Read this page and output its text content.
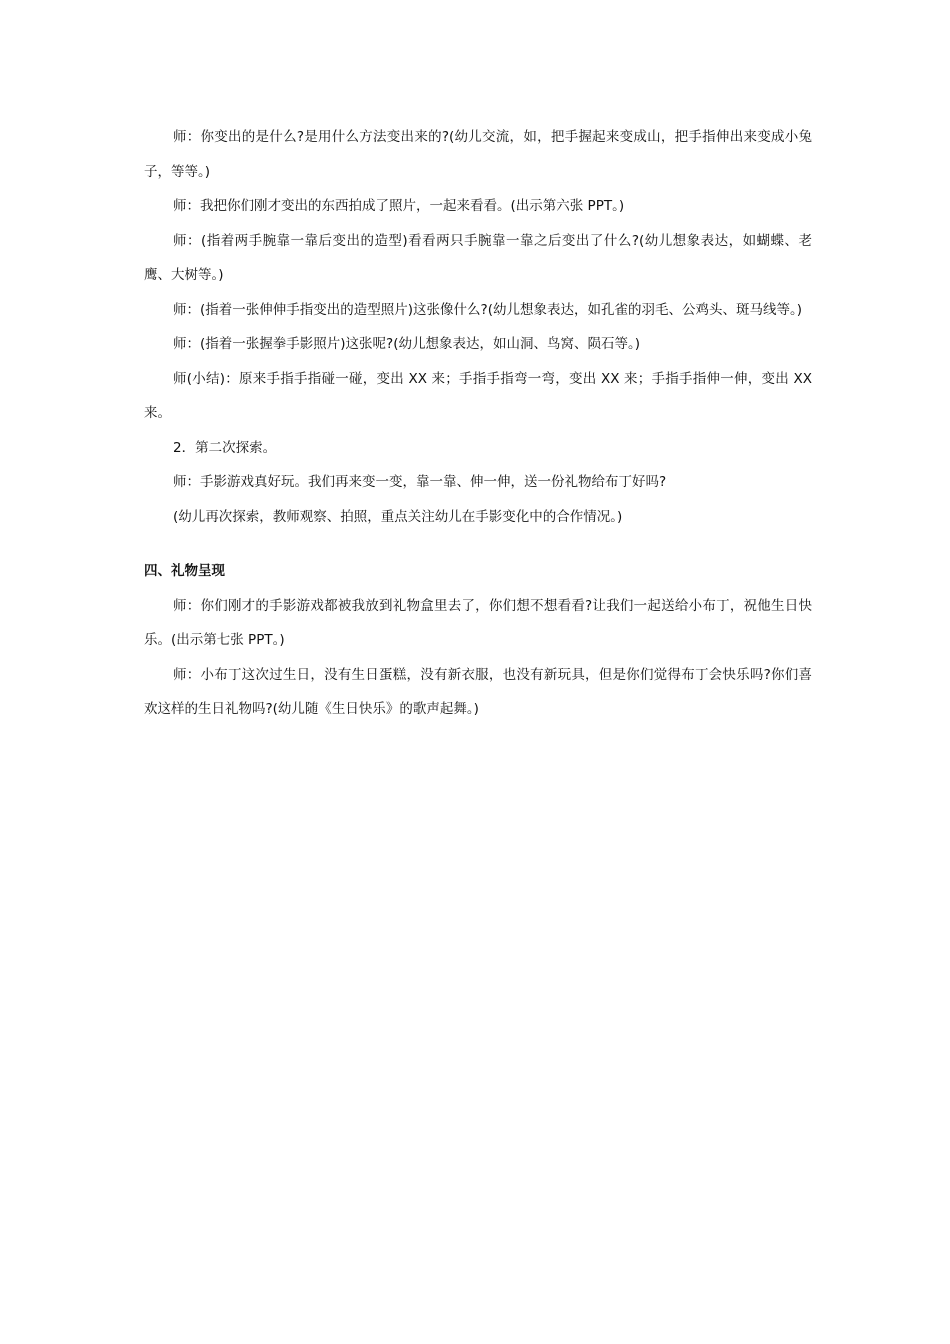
师：你变出的是什么?是用什么方法变出来的?(幼儿交流，如，把手握起来变成山，把手指伸出来变成小兔子，等等。)

师：我把你们刚才变出的东西拍成了照片，一起来看看。(出示第六张 PPT。)

师：(指着两手腕靠一靠后变出的造型)看看两只手腕靠一靠之后变出了什么?(幼儿想象表达，如蝴蝶、老鹰、大树等。)

师：(指着一张伸伸手指变出的造型照片)这张像什么?(幼儿想象表达，如孔雀的羽毛、公鸡头、斑马线等。)

师：(指着一张握拳手影照片)这张呢?(幼儿想象表达，如山洞、鸟窝、陨石等。)

师(小结)：原来手指手指碰一碰，变出 XX 来；手指手指弯一弯，变出 XX 来；手指手指伸一伸，变出 XX 来。

2．第二次探索。

师：手影游戏真好玩。我们再来变一变，靠一靠、伸一伸，送一份礼物给布丁好吗?

(幼儿再次探索，教师观察、拍照，重点关注幼儿在手影变化中的合作情况。)

四、礼物呈现

师：你们刚才的手影游戏都被我放到礼物盒里去了，你们想不想看看?让我们一起送给小布丁，祝他生日快乐。(出示第七张 PPT。)

师：小布丁这次过生日，没有生日蛋糕，没有新衣服，也没有新玩具，但是你们觉得布丁会快乐吗?你们喜欢这样的生日礼物吗?(幼儿随《生日快乐》的歌声起舞。)
